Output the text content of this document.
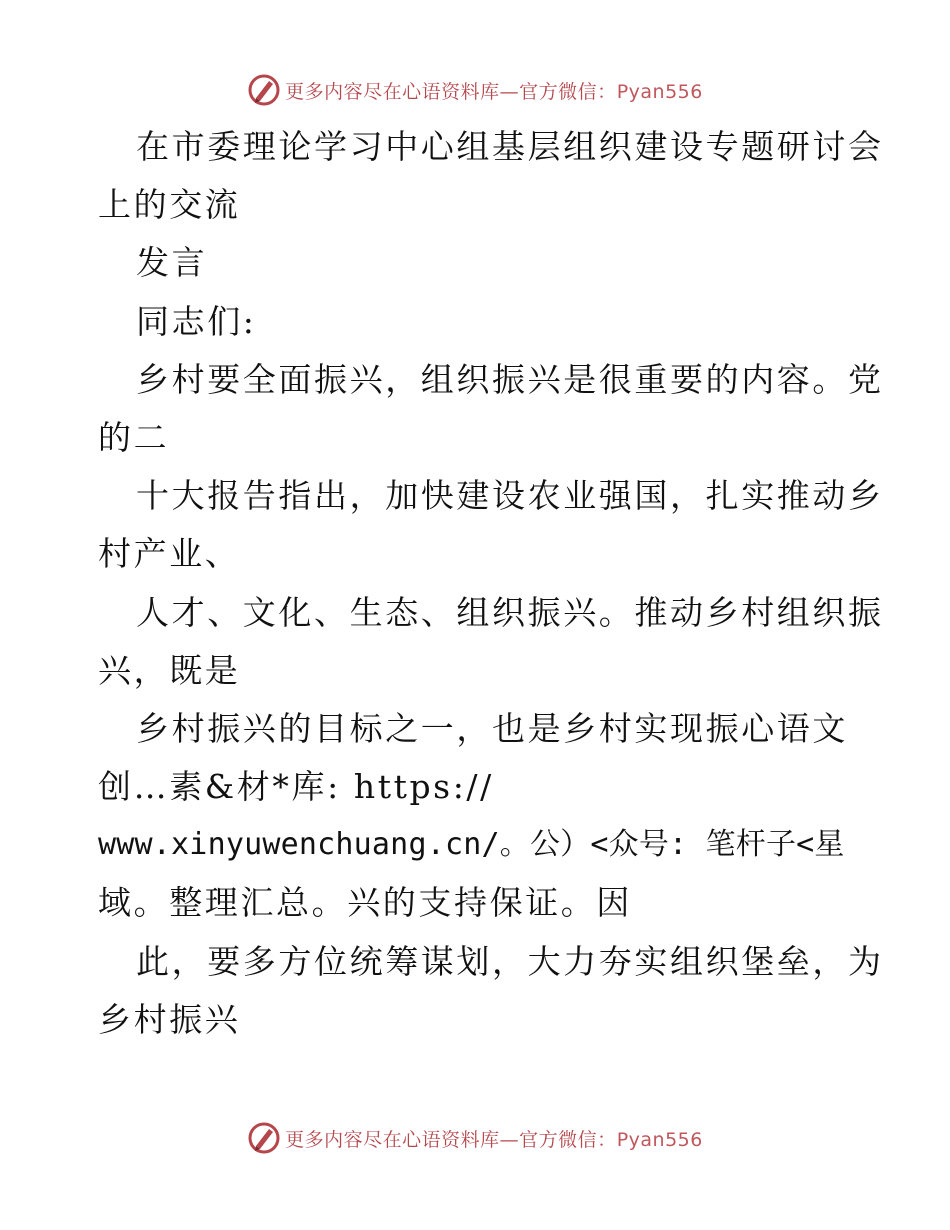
更多内容尽在心语资料库—官方微信：Pyan556
在市委理论学习中心组基层组织建设专题研讨会
上的交流
发言
同志们:
乡村要全面振兴，组织振兴是很重要的内容。党
的二
十大报告指出，加快建设农业强国，扎实推动乡
村产业、
人才、文化、生态、组织振兴。推动乡村组织振
兴，既是
乡村振兴的目标之一，也是乡村实现振心语文
创…素&材*库: https://
www.xinyuwenchuang.cn/。公）<众号: 笔杆子<星
域。整理汇总。兴的支持保证。因
此，要多方位统筹谋划，大力夯实组织堡垒，为
乡村振兴
更多内容尽在心语资料库—官方微信：Pyan556
